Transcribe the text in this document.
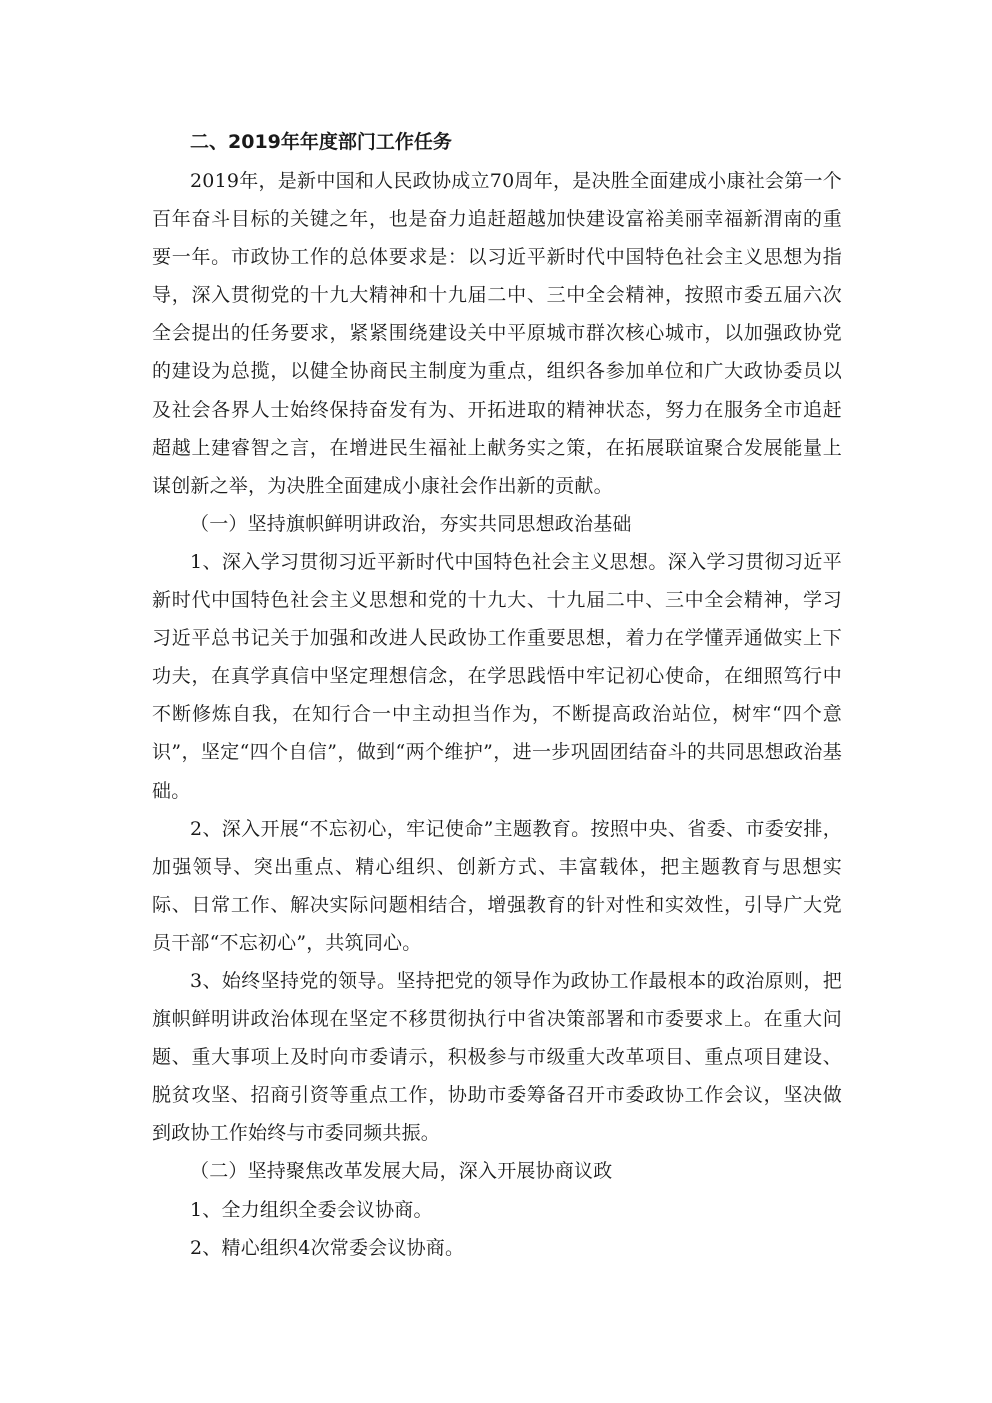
二、2019年年度部门工作任务

2019年，是新中国和人民政协成立70周年，是决胜全面建成小康社会第一个百年奋斗目标的关键之年，也是奋力追赶超越加快建设富裕美丽幸福新渭南的重要一年。市政协工作的总体要求是：以习近平新时代中国特色社会主义思想为指导，深入贯彻党的十九大精神和十九届二中、三中全会精神，按照市委五届六次全会提出的任务要求，紧紧围绕建设关中平原城市群次核心城市，以加强政协党的建设为总揽，以健全协商民主制度为重点，组织各参加单位和广大政协委员以及社会各界人士始终保持奋发有为、开拓进取的精神状态，努力在服务全市追赶超越上建睿智之言，在增进民生福祉上献务实之策，在拓展联谊聚合发展能量上谋创新之举，为决胜全面建成小康社会作出新的贡献。

（一）坚持旗帜鲜明讲政治，夯实共同思想政治基础

1、深入学习贯彻习近平新时代中国特色社会主义思想。深入学习贯彻习近平新时代中国特色社会主义思想和党的十九大、十九届二中、三中全会精神，学习习近平总书记关于加强和改进人民政协工作重要思想，着力在学懂弄通做实上下功夫，在真学真信中坚定理想信念，在学思践悟中牢记初心使命，在细照笃行中不断修炼自我，在知行合一中主动担当作为，不断提高政治站位，树牢“四个意识”，坚定“四个自信”，做到“两个维护”，进一步巩固团结奋斗的共同思想政治基础。

2、深入开展“不忘初心，牢记使命”主题教育。按照中央、省委、市委安排，加强领导、突出重点、精心组织、创新方式、丰富载体，把主题教育与思想实际、日常工作、解决实际问题相结合，增强教育的针对性和实效性，引导广大党员干部“不忘初心”，共筑同心。

3、始终坚持党的领导。坚持把党的领导作为政协工作最根本的政治原则，把旗帜鲜明讲政治体现在坚定不移贯彻执行中省决策部署和市委要求上。在重大问题、重大事项上及时向市委请示，积极参与市级重大改革项目、重点项目建设、脱贫攻坚、招商引资等重点工作，协助市委筹备召开市委政协工作会议，坚决做到政协工作始终与市委同频共振。

（二）坚持聚焦改革发展大局，深入开展协商议政

1、全力组织全委会议协商。

2、精心组织4次常委会议协商。
